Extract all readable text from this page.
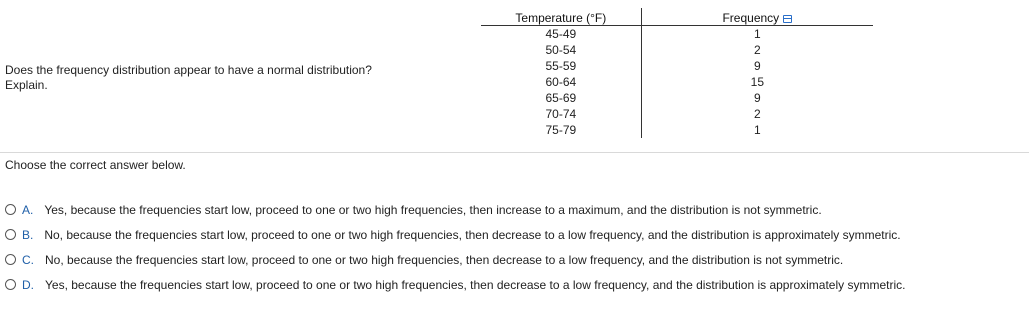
Does the frequency distribution appear to have a normal distribution?
Explain.
Temperature (°F)	Frequency
45-49	1
50-54	2
55-59	9
60-64	15
65-69	9
70-74	2
75-79	1
Choose the correct answer below.
A. Yes, because the frequencies start low, proceed to one or two high frequencies, then increase to a maximum, and the distribution is not symmetric.
B. No, because the frequencies start low, proceed to one or two high frequencies, then decrease to a low frequency, and the distribution is approximately symmetric.
C. No, because the frequencies start low, proceed to one or two high frequencies, then decrease to a low frequency, and the distribution is not symmetric.
D. Yes, because the frequencies start low, proceed to one or two high frequencies, then decrease to a low frequency, and the distribution is approximately symmetric.
